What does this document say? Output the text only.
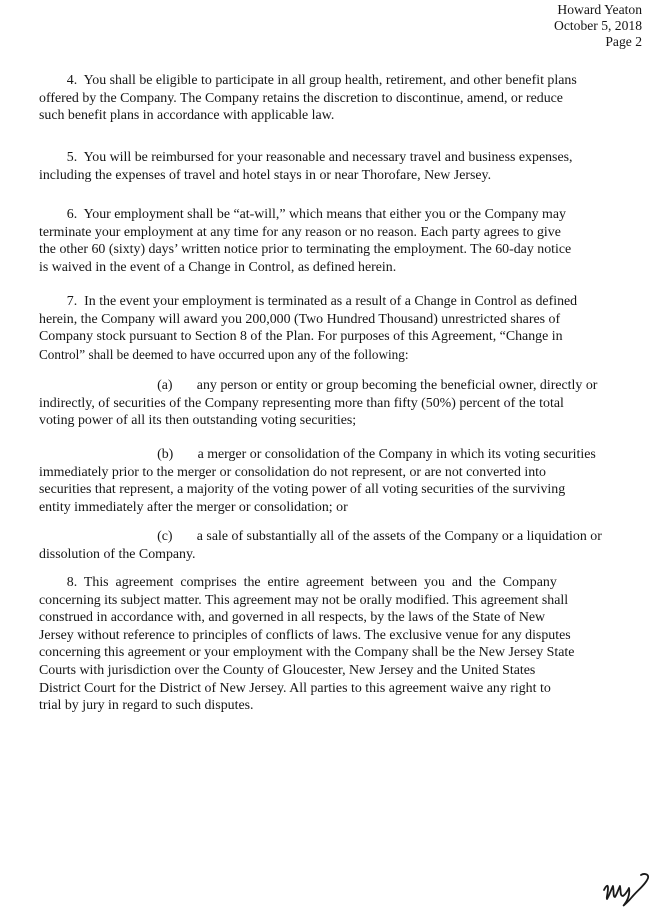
Howard Yeaton
October 5, 2018
Page 2
4.  You shall be eligible to participate in all group health, retirement, and other benefit plans
offered by the Company. The Company retains the discretion to discontinue, amend, or reduce
such benefit plans in accordance with applicable law.
5.  You will be reimbursed for your reasonable and necessary travel and business expenses,
including the expenses of travel and hotel stays in or near Thorofare, New Jersey.
6.  Your employment shall be “at-will,” which means that either you or the Company may
terminate your employment at any time for any reason or no reason. Each party agrees to give
the other 60 (sixty) days’ written notice prior to terminating the employment. The 60-day notice
is waived in the event of a Change in Control, as defined herein.
7.  In the event your employment is terminated as a result of a Change in Control as defined
herein, the Company will award you 200,000 (Two Hundred Thousand) unrestricted shares of
Company stock pursuant to Section 8 of the Plan. For purposes of this Agreement, “Change in
Control” shall be deemed to have occurred upon any of the following:
(a)       any person or entity or group becoming the beneficial owner, directly or
indirectly, of securities of the Company representing more than fifty (50%) percent of the total
voting power of all its then outstanding voting securities;
(b)       a merger or consolidation of the Company in which its voting securities
immediately prior to the merger or consolidation do not represent, or are not converted into
securities that represent, a majority of the voting power of all voting securities of the surviving
entity immediately after the merger or consolidation; or
(c)       a sale of substantially all of the assets of the Company or a liquidation or
dissolution of the Company.
8.  This  agreement  comprises  the  entire  agreement  between  you  and  the  Company
concerning its subject matter. This agreement may not be orally modified. This agreement shall
construed in accordance with, and governed in all respects, by the laws of the State of New
Jersey without reference to principles of conflicts of laws. The exclusive venue for any disputes
concerning this agreement or your employment with the Company shall be the New Jersey State
Courts with jurisdiction over the County of Gloucester, New Jersey and the United States
District Court for the District of New Jersey. All parties to this agreement waive any right to
trial by jury in regard to such disputes.
